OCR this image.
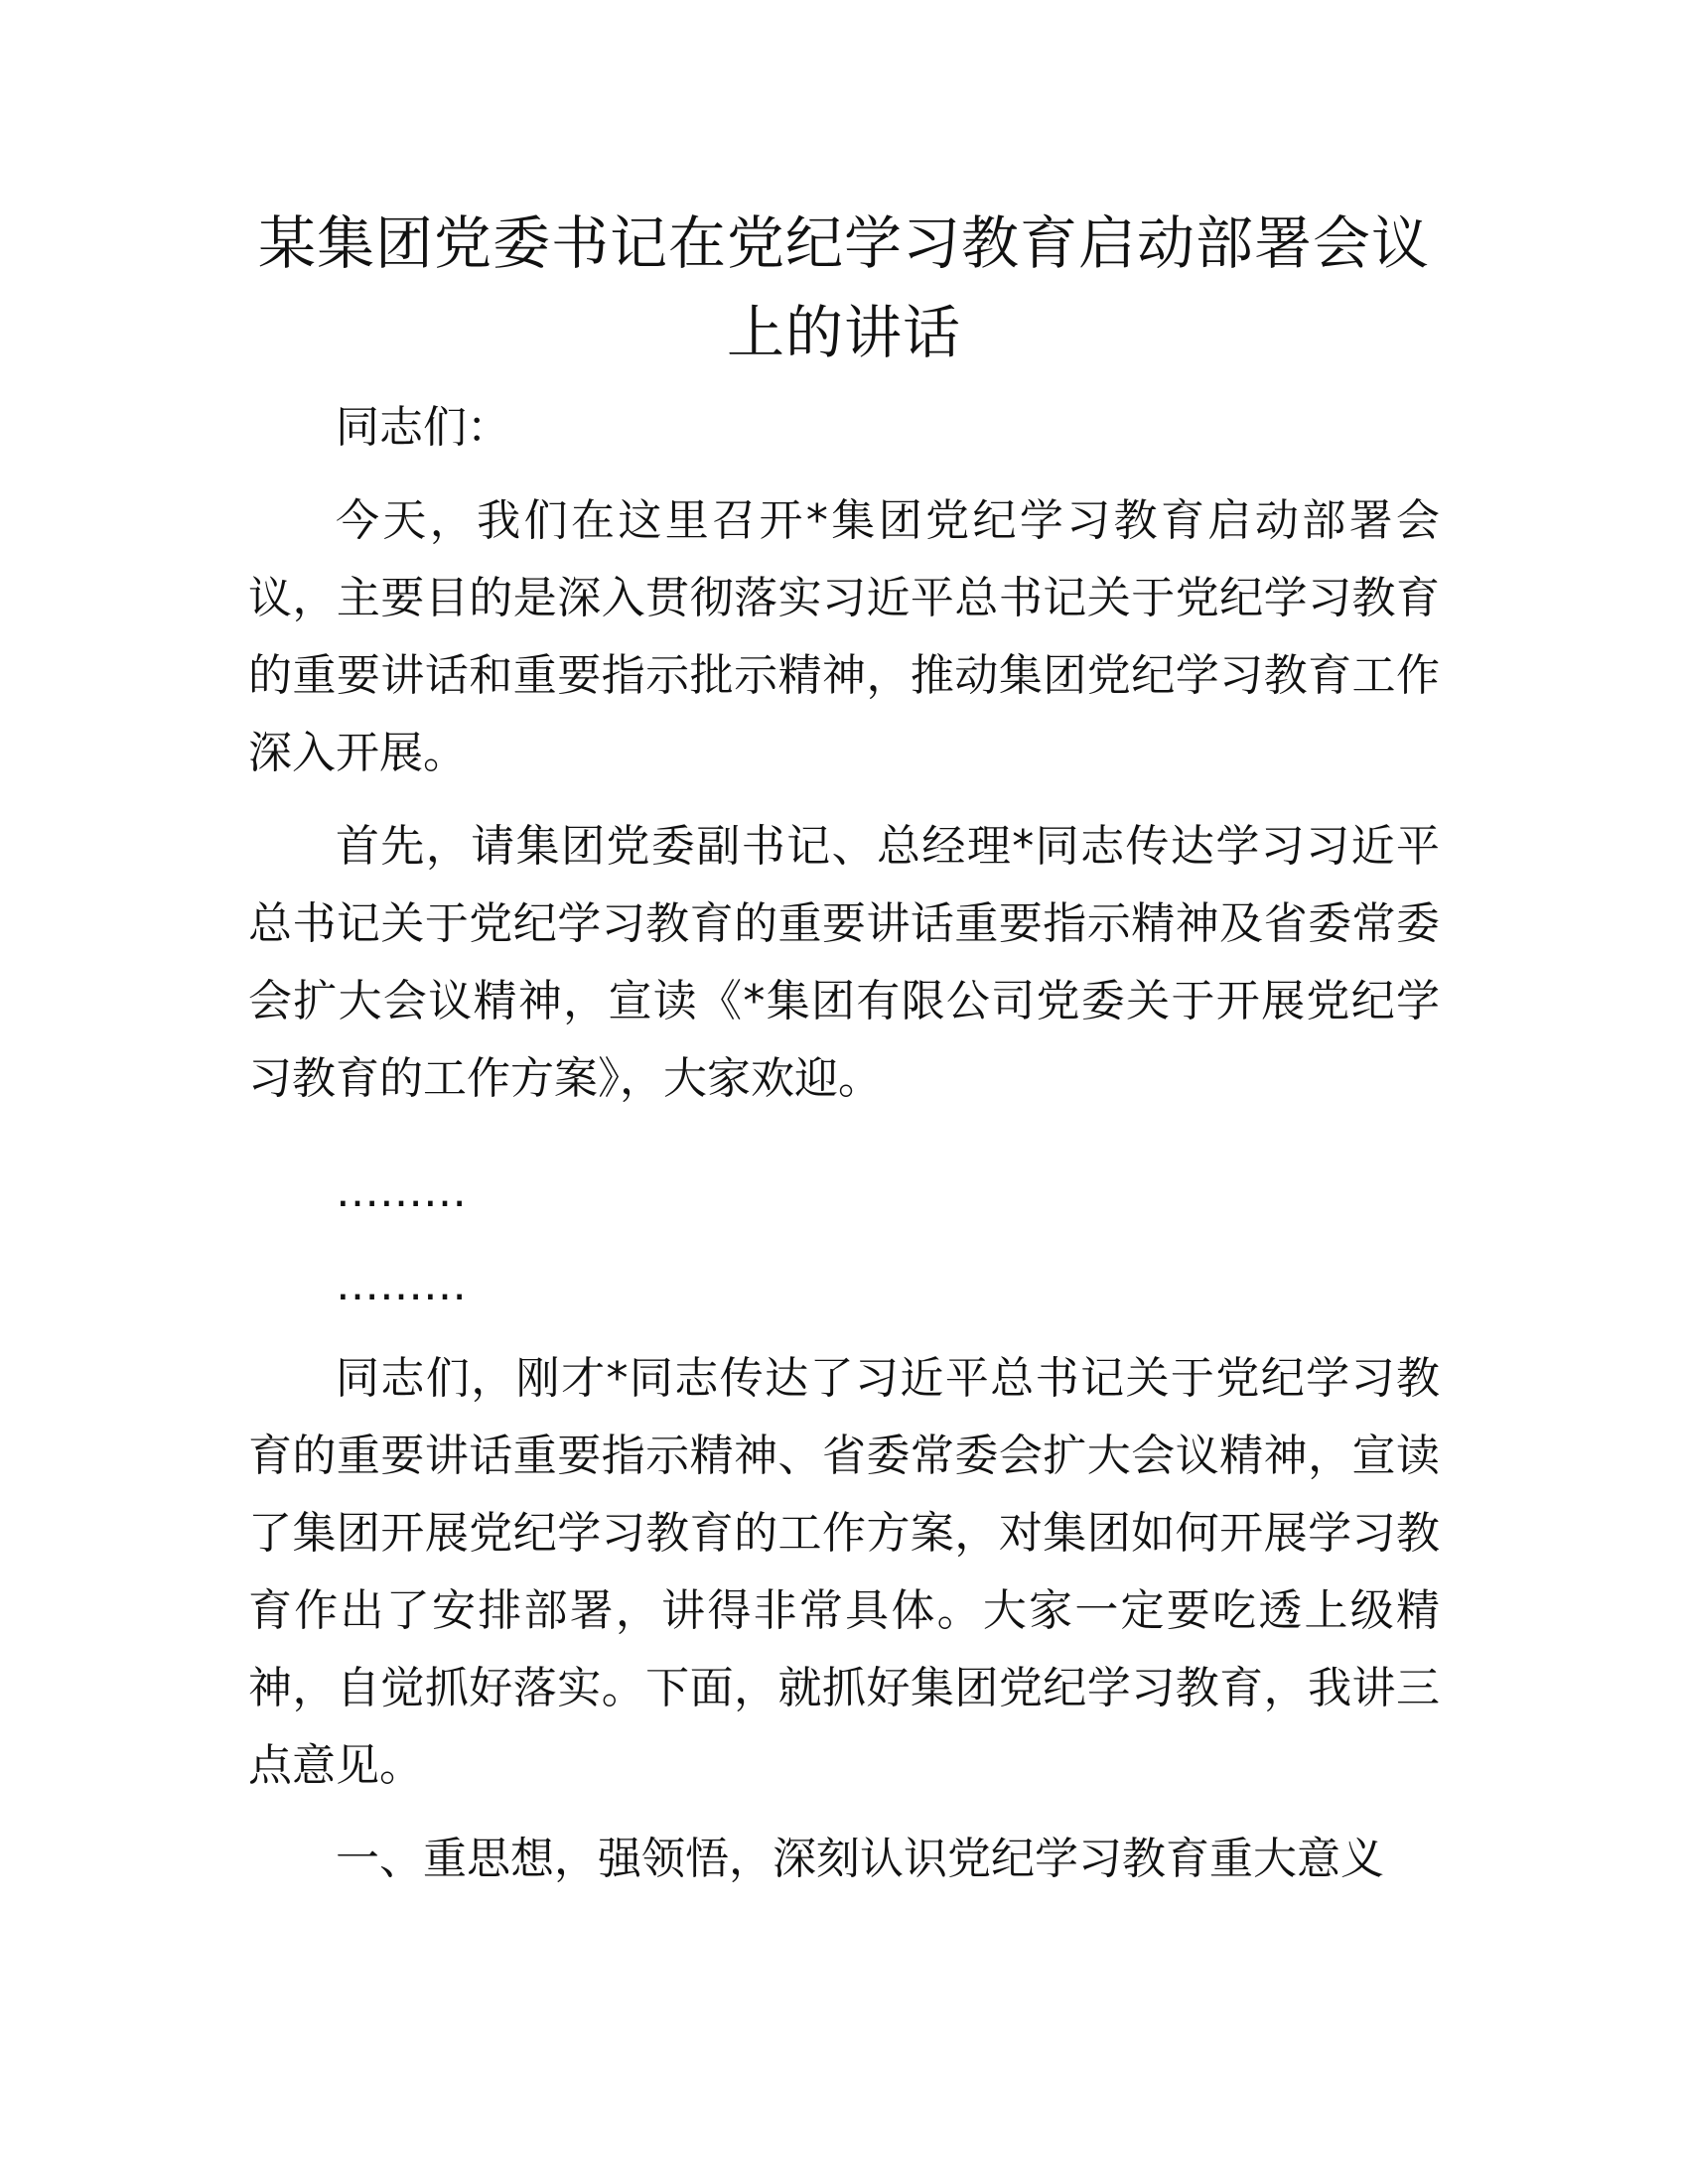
某集团党委书记在党纪学习教育启动部署会议
上的讲话

同志们：

今天，我们在这里召开*集团党纪学习教育启动部署会议，主要目的是深入贯彻落实习近平总书记关于党纪学习教育的重要讲话和重要指示批示精神，推动集团党纪学习教育工作深入开展。

首先，请集团党委副书记、总经理*同志传达学习习近平总书记关于党纪学习教育的重要讲话重要指示精神及省委常委会扩大会议精神，宣读《*集团有限公司党委关于开展党纪学习教育的工作方案》，大家欢迎。

………

………

同志们，刚才*同志传达了习近平总书记关于党纪学习教育的重要讲话重要指示精神、省委常委会扩大会议精神，宣读了集团开展党纪学习教育的工作方案，对集团如何开展学习教育作出了安排部署，讲得非常具体。大家一定要吃透上级精神，自觉抓好落实。下面，就抓好集团党纪学习教育，我讲三点意见。

一、重思想，强领悟，深刻认识党纪学习教育重大意义
